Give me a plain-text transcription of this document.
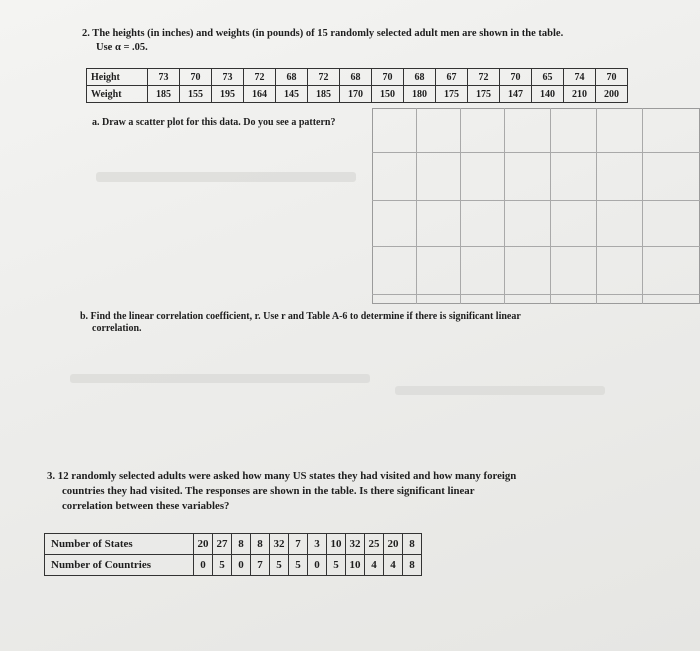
2. The heights (in inches) and weights (in pounds) of 15 randomly selected adult men are shown in the table.
Use α = .05.
Height	73	70	73	72	68	72	68	70	68	67	72	70	65	74	70
Weight	185	155	195	164	145	185	170	150	180	175	175	147	140	210	200
a. Draw a scatter plot for this data. Do you see a pattern?
b. Find the linear correlation coefficient, r. Use r and Table A-6 to determine if there is significant linear
correlation.
3. 12 randomly selected adults were asked how many US states they had visited and how many foreign
countries they had visited. The responses are shown in the table. Is there significant linear
correlation between these variables?
Number of States	20	27	8	8	32	7	3	10	32	25	20	8
Number of Countries	0	5	0	7	5	5	0	5	10	4	4	8
